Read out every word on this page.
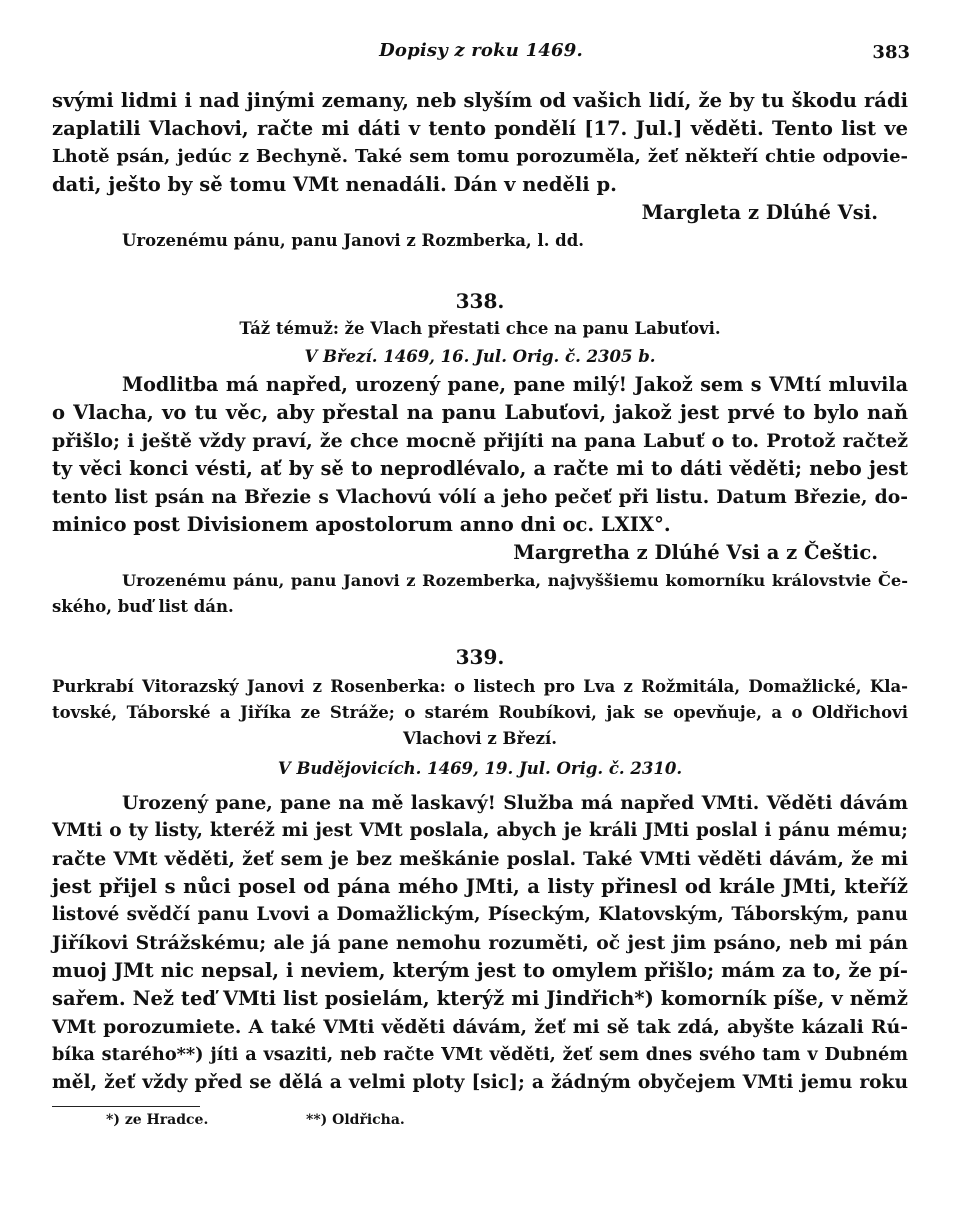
Dopisy z roku 1469.	383
svými lidmi i nad jinými zemany, neb slyším od vašich lidí, že by tu škodu rádi
zaplatili Vlachovi, račte mi dáti v tento pondělí [17. Jul.] věděti. Tento list ve
Lhotě psán, jedúc z Bechyně. Také sem tomu porozuměla, žeť někteří chtie odpovie-
dati, ješto by sě tomu VMt nenadáli. Dán v neděli p.
Margleta z Dlúhé Vsi.
Urozenému pánu, panu Janovi z Rozmberka, l. dd.
338.
Táž témuž: že Vlach přestati chce na panu Labuťovi.
V Březí. 1469, 16. Jul. Orig. č. 2305 b.
Modlitba má napřed, urozený pane, pane milý! Jakož sem s VMtí mluvila
o Vlacha, vo tu věc, aby přestal na panu Labuťovi, jakož jest prvé to bylo naň
přišlo; i ještě vždy praví, že chce mocně přijíti na pana Labuť o to. Protož račtež
ty věci konci vésti, ať by sě to neprodlévalo, a račte mi to dáti věděti; nebo jest
tento list psán na Březie s Vlachovú vólí a jeho pečeť při listu. Datum Březie, do-
minico post Divisionem apostolorum anno dni oc. LXIX°.
Margretha z Dlúhé Vsi a z Češtic.
Urozenému pánu, panu Janovi z Rozemberka, najvyššiemu komorníku královstvie Če-
ského, buď list dán.
339.
Purkrabí Vitorazský Janovi z Rosenberka: o listech pro Lva z Rožmitála, Domažlické, Kla-
tovské, Táborské a Jiříka ze Stráže; o starém Roubíkovi, jak se opevňuje, a o Oldřichovi
Vlachovi z Březí.
V Budějovicích. 1469, 19. Jul. Orig. č. 2310.
Urozený pane, pane na mě laskavý! Služba má napřed VMti. Věděti dávám
VMti o ty listy, kteréž mi jest VMt poslala, abych je králi JMti poslal i pánu mému;
račte VMt věděti, žeť sem je bez meškánie poslal. Také VMti věděti dávám, že mi
jest přijel s nůci posel od pána mého JMti, a listy přinesl od krále JMti, kteříž
listové svědčí panu Lvovi a Domažlickým, Píseckým, Klatovským, Táborským, panu
Jiříkovi Strážskému; ale já pane nemohu rozuměti, oč jest jim psáno, neb mi pán
muoj JMt nic nepsal, i neviem, kterým jest to omylem přišlo; mám za to, že pí-
sařem. Než teď VMti list posielám, kterýž mi Jindřich*) komorník píše, v němž
VMt porozumiete. A také VMti věděti dávám, žeť mi sě tak zdá, abyšte kázali Rú-
bíka starého**) jíti a vsaziti, neb račte VMt věděti, žeť sem dnes svého tam v Dubném
měl, žeť vždy před se dělá a velmi ploty [sic]; a žádným obyčejem VMti jemu roku
*) ze Hradce.	**) Oldřicha.
